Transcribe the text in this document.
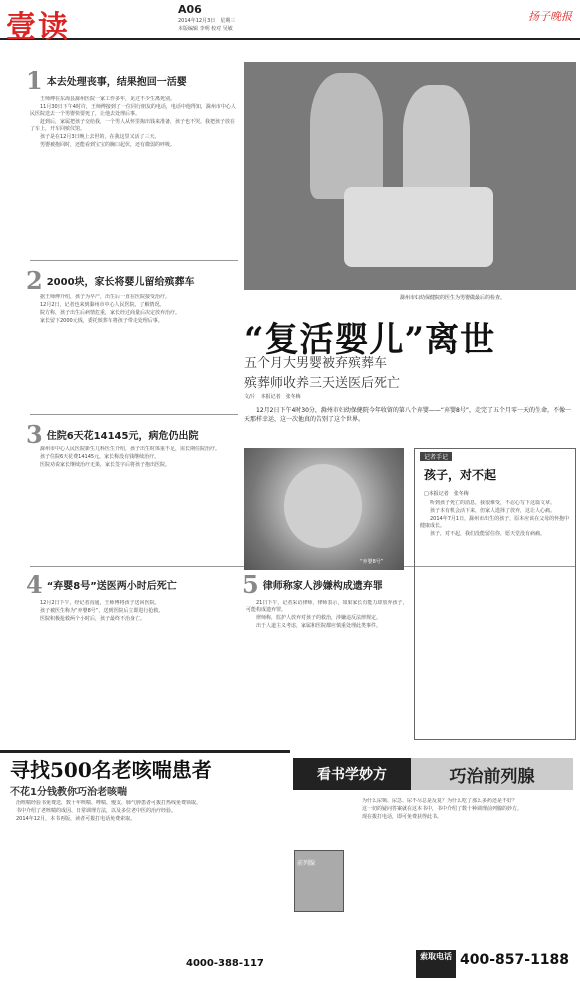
壹读
A06
2014年12月3日　星期三
本版编辑 李明 校对 吴敏
扬子晚报
1 本去处理丧事，结果抱回一活婴

王师傅在东海县滁州医院一家工作多年，见过不少生离死别。

11月30日下午4时许，王师傅接到了一位同行朋友的电话，电话中他得知，滁州市中心人民医院送去一个男婴快要死了，让他去处理后事。

赶到后，家属把孩子交给我，一个男人从怀里掏出钱来准备，孩子也不哭。我把孩子放在了车上，开车回殡仪馆。

孩子是在12月3日晚上去世的，在我这里又活了三天。

男婴被抱回时，还能看到宝宝的胸口起伏，还有微弱的呼吸。

2 2000块，家长将婴儿留给殡葬车

据王师傅介绍，孩子为早产，出生后一直在医院接受治疗。

12月2日，记者也来到滁州市中心人民医院，了解情况。

院方称，孩子出生后病情危重，家长经过商量后决定放弃治疗。

家长留下2000元钱，委托殡葬车将孩子带走处理后事。

3 住院6天花14145元，病危仍出院

滁州市中心人民医院新生儿科医生介绍，孩子出生时体重不足，需长期住院治疗。

孩子住院6天花费14145元，家长称没有钱继续治疗。

医院劝说家长继续治疗无果，家长签字后将孩子抱出医院。

4 “弃婴8号”送医两小时后死亡

12月2日下午，经记者沟通，王师傅将孩子送回医院。

孩子被医生称为“弃婴8号”，送到医院后立即进行抢救。

医院积极抢救两个小时后，孩子最终不治身亡。

5 律师称家人涉嫌构成遗弃罪

21日下午，记者采访律师，律师表示，如果家长有能力却放弃孩子，可能构成遗弃罪。

律师称，监护人放弃对孩子的救治，涉嫌违反法律规定。

出于人道主义考虑，家属和医院都应慎重处理此类事件。

滁州市妇幼保健院的医生为男婴做最后的检查。
“复活婴儿”离世
五个月大男婴被弃殡葬车
殡葬师收养三天送医后死亡
文/片　本报记者　张冬梅
12月2日下午4时30分，滁州市妇幼保健院今年收留的第八个弃婴——“弃婴8号”，走完了五个月零一天的生命，不像一天那样幸运，这一次他真的告别了这个世界。
“弃婴8号”
记者手记
孩子，对不起
□本报记者　张冬梅

听到孩子死亡的消息，我很难受，不忍心写下这篇文章。

孩子本有机会活下来，但家人选择了放弃，这让人心痛。

2014年7月1日，滁州市出生的孩子，原本应该在父母的怀抱中健康成长。

孩子，对不起，我们没能留住你，愿天堂没有病痛。

寻找500名老咳喘患者
不花1分钱教你巧治老咳喘

治咳喘经验书免费送，数十年咳喘、哮喘、慢支、肺气肿患者可拨打热线免费领取。

书中介绍了老咳喘的成因、日常调理方法，以及多位老中医的治疗经验。

2014年12月，本书再版，读者可拨打电话免费索取。

4000-388-117
看书学妙方	巧治前列腺

为什么尿频、尿急、尿不尽总是反复？为什么吃了那么多药还是不好？

这一切的疑问答案就在这本书中，书中介绍了数十种调理前列腺的妙方。

现在拨打电话，即可免费获得此书。

前列腺
索取电话 400-857-1188
